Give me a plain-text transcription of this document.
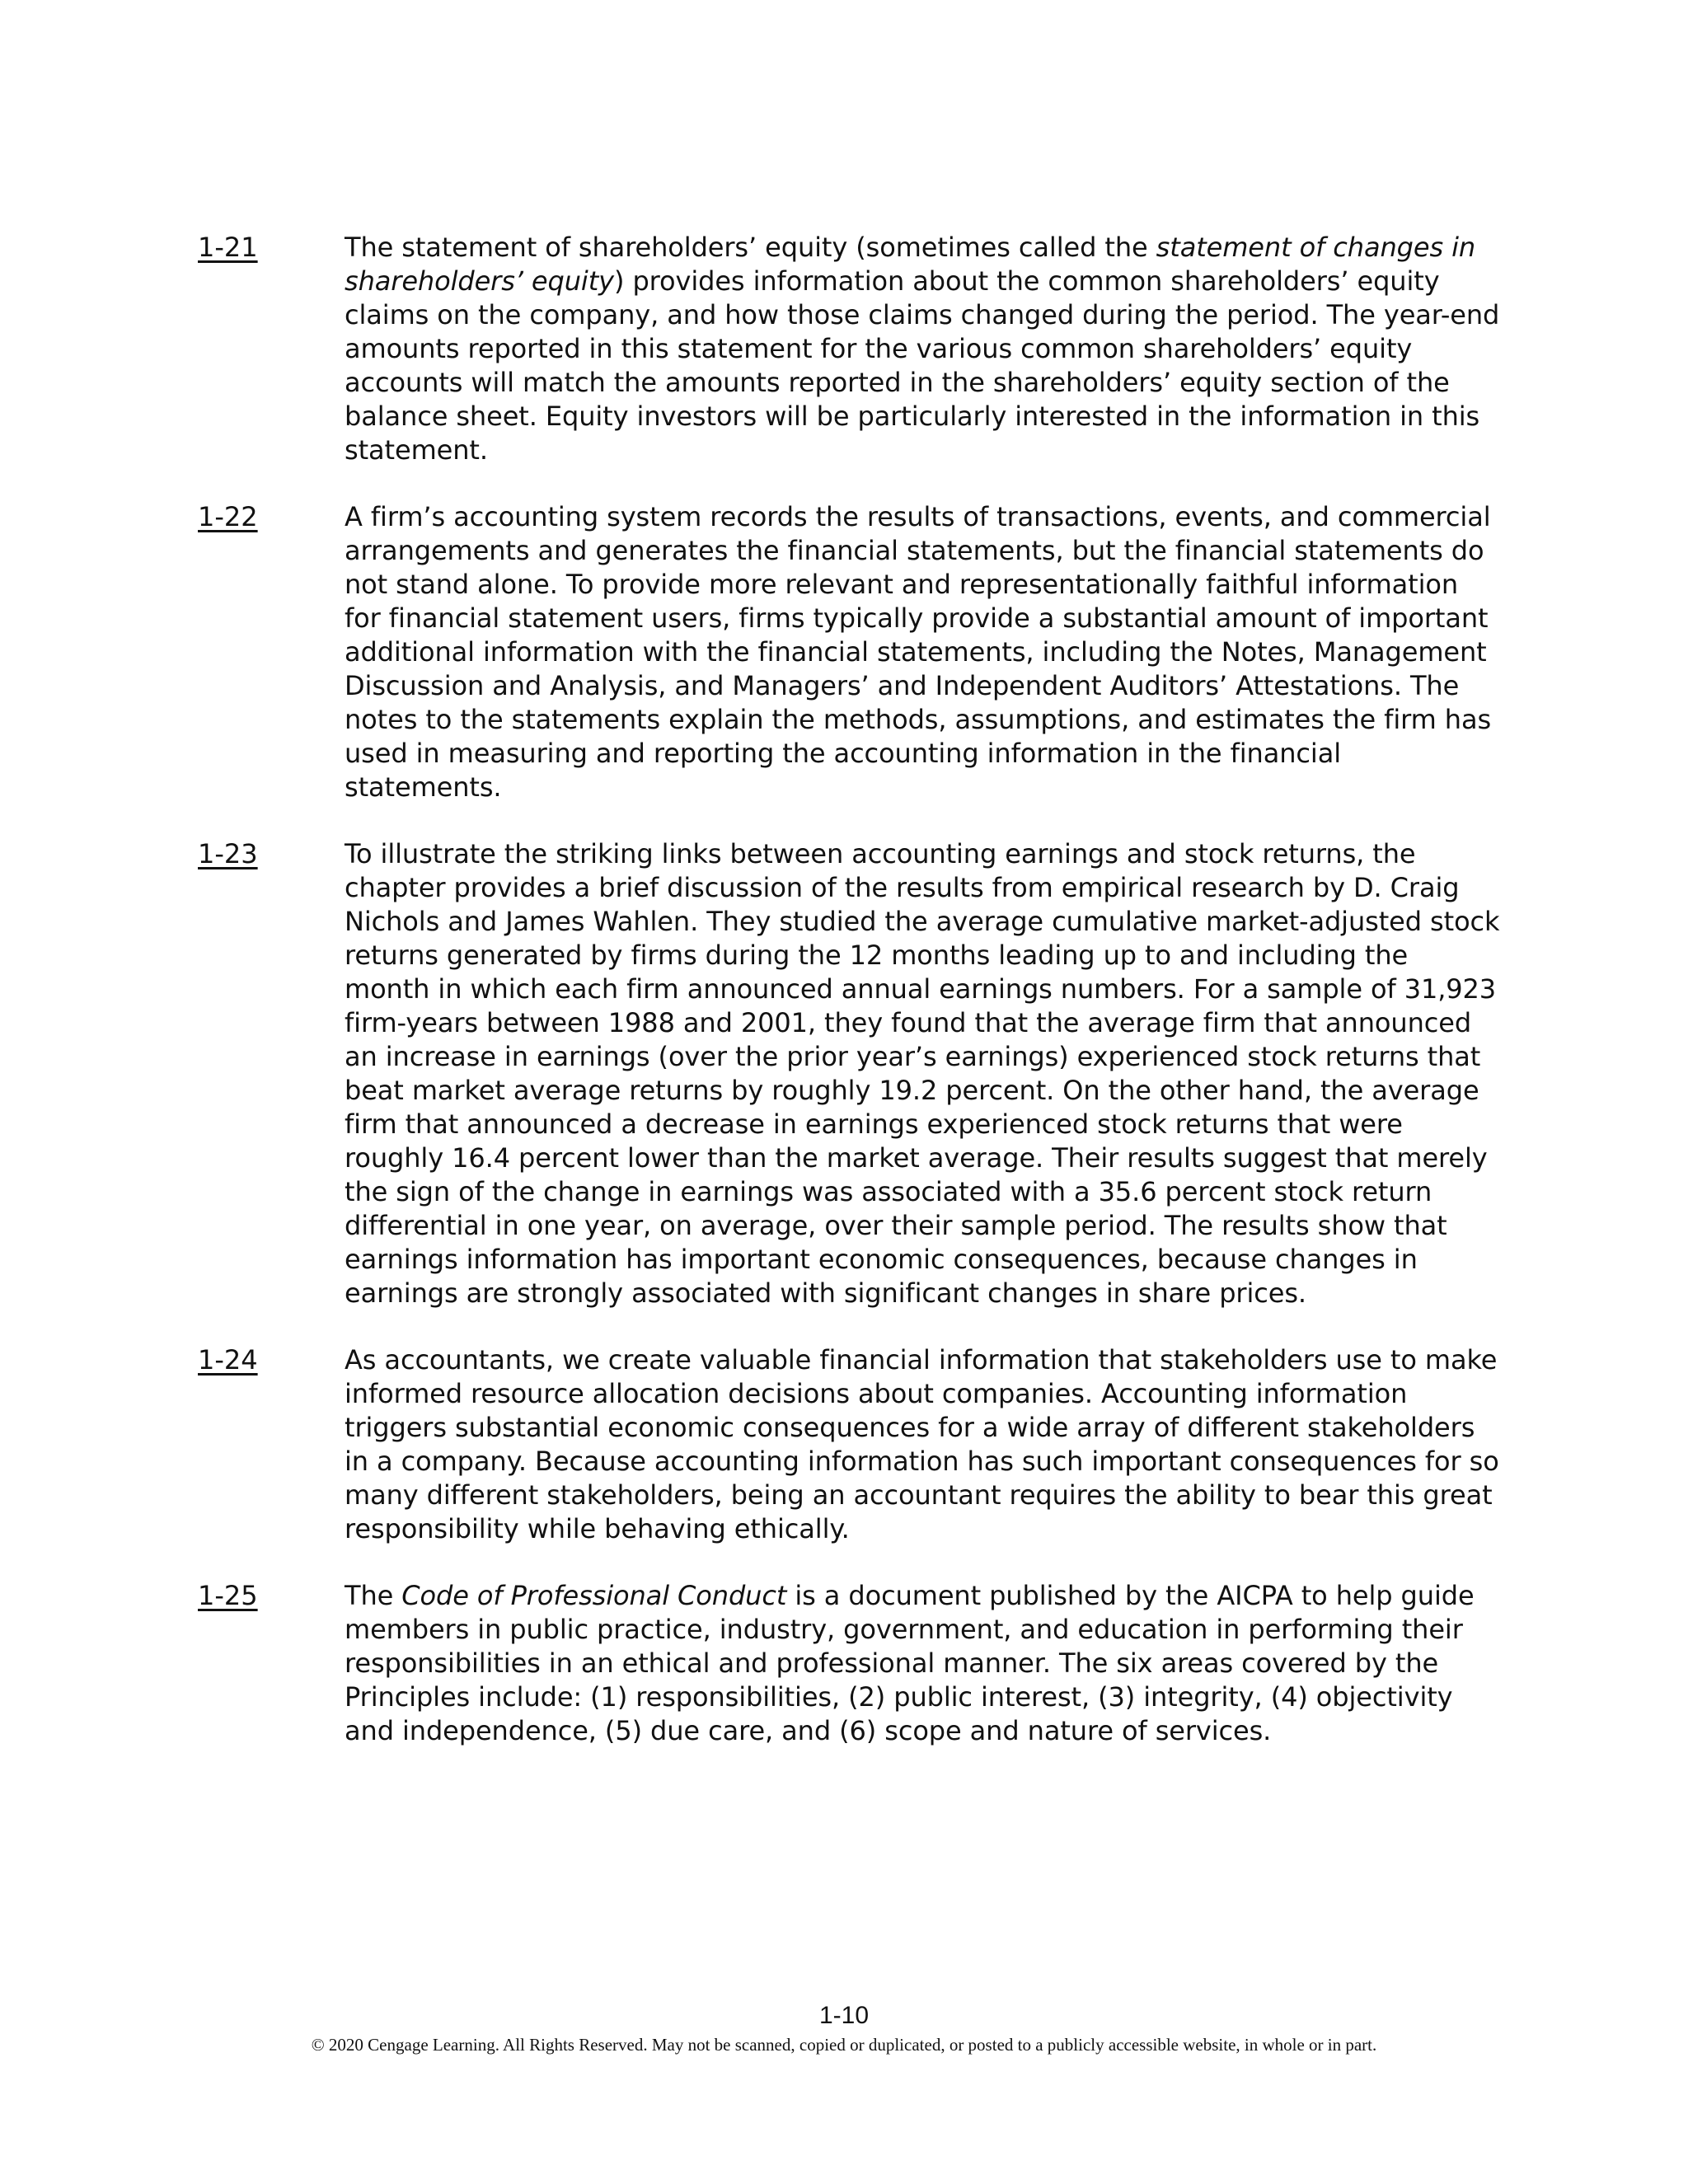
1-21	The statement of shareholders’ equity (sometimes called the statement of changes in shareholders’ equity) provides information about the common shareholders’ equity claims on the company, and how those claims changed during the period. The year-end amounts reported in this statement for the various common shareholders’ equity accounts will match the amounts reported in the shareholders’ equity section of the balance sheet. Equity investors will be particularly interested in the information in this statement.
1-22	A firm’s accounting system records the results of transactions, events, and commercial arrangements and generates the financial statements, but the financial statements do not stand alone. To provide more relevant and representationally faithful information for financial statement users, firms typically provide a substantial amount of important additional information with the financial statements, including the Notes, Management Discussion and Analysis, and Managers’ and Independent Auditors’ Attestations. The notes to the statements explain the methods, assumptions, and estimates the firm has used in measuring and reporting the accounting information in the financial statements.
1-23	To illustrate the striking links between accounting earnings and stock returns, the chapter provides a brief discussion of the results from empirical research by D. Craig Nichols and James Wahlen. They studied the average cumulative market-adjusted stock returns generated by firms during the 12 months leading up to and including the month in which each firm announced annual earnings numbers. For a sample of 31,923 firm-years between 1988 and 2001, they found that the average firm that announced an increase in earnings (over the prior year’s earnings) experienced stock returns that beat market average returns by roughly 19.2 percent. On the other hand, the average firm that announced a decrease in earnings experienced stock returns that were roughly 16.4 percent lower than the market average. Their results suggest that merely the sign of the change in earnings was associated with a 35.6 percent stock return differential in one year, on average, over their sample period. The results show that earnings information has important economic consequences, because changes in earnings are strongly associated with significant changes in share prices.
1-24	As accountants, we create valuable financial information that stakeholders use to make informed resource allocation decisions about companies. Accounting information triggers substantial economic consequences for a wide array of different stakeholders in a company. Because accounting information has such important consequences for so many different stakeholders, being an accountant requires the ability to bear this great responsibility while behaving ethically.
1-25	The Code of Professional Conduct is a document published by the AICPA to help guide members in public practice, industry, government, and education in performing their responsibilities in an ethical and professional manner. The six areas covered by the Principles include: (1) responsibilities, (2) public interest, (3) integrity, (4) objectivity and independence, (5) due care, and (6) scope and nature of services.
1-10
© 2020 Cengage Learning. All Rights Reserved. May not be scanned, copied or duplicated, or posted to a publicly accessible website, in whole or in part.
